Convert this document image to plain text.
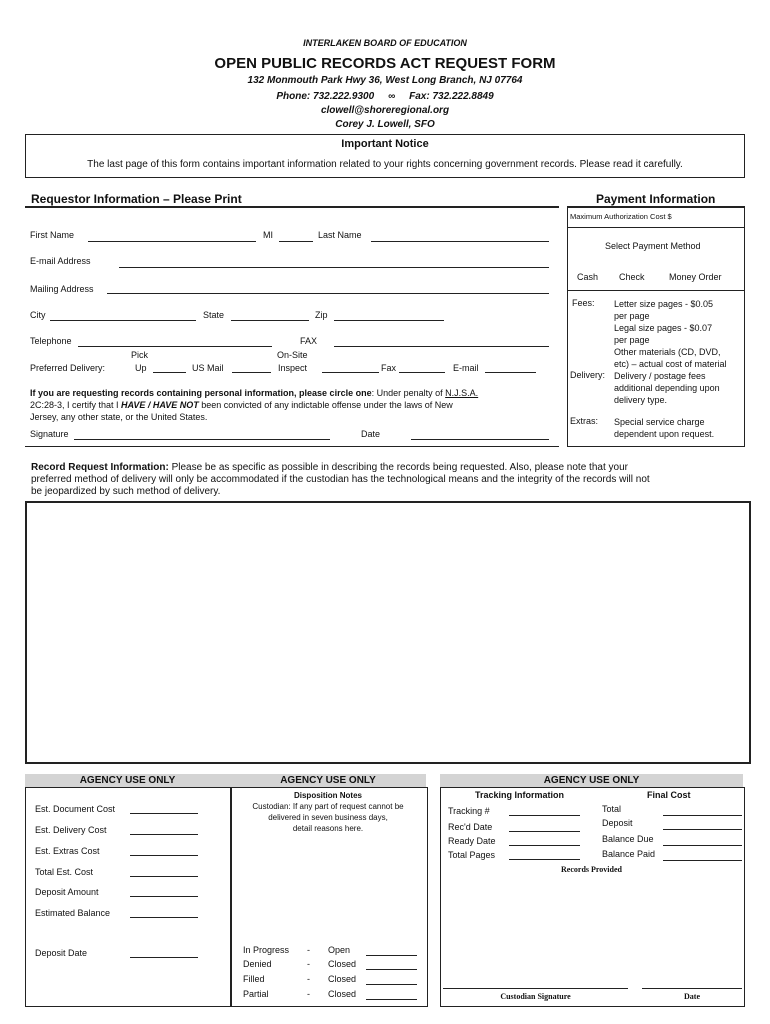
INTERLAKEN BOARD OF EDUCATION
OPEN PUBLIC RECORDS ACT REQUEST FORM
132 Monmouth Park Hwy 36, West Long Branch, NJ 07764
Phone: 732.222.9300 ∞ Fax: 732.222.8849
clowell@shoreregional.org
Corey J. Lowell, SFO
Important Notice
The last page of this form contains important information related to your rights concerning government records. Please read it carefully.
Requestor Information – Please Print
First Name	MI	Last Name
E-mail Address
Mailing Address
City	State	Zip
Telephone	FAX
Pick	On-Site
Preferred Delivery:	Up	US Mail	Inspect	Fax	E-mail
If you are requesting records containing personal information, please circle one: Under penalty of N.J.S.A.
2C:28-3, I certify that I HAVE / HAVE NOT been convicted of any indictable offense under the laws of New
Jersey, any other state, or the United States.
Signature	Date
Payment Information
Maximum Authorization Cost $
Select Payment Method
Cash Check	Money Order
Fees: Letter size pages - $0.05
per page
Legal size pages - $0.07
per page
Other materials (CD, DVD,
etc) – actual cost of material
Delivery: Delivery / postage fees
additional depending upon
delivery type.
Extras: Special service charge
dependent upon request.
Record Request Information: Please be as specific as possible in describing the records being requested. Also, please note that your
preferred method of delivery will only be accommodated if the custodian has the technological means and the integrity of the records will not
be jeopardized by such method of delivery.
AGENCY USE ONLY
Est. Document Cost
Est. Delivery Cost
Est. Extras Cost
Total Est. Cost
Deposit Amount
Estimated Balance
Deposit Date
AGENCY USE ONLY
Disposition Notes
Custodian: If any part of request cannot be
delivered in seven business days,
detail reasons here.
In Progress - Open
Denied	- Closed
Filled	- Closed
Partial	- Closed
AGENCY USE ONLY
Tracking Information	Final Cost
Tracking #
Rec'd Date
Ready Date
Total Pages
Total
Deposit
Balance Due
Balance Paid
Records Provided
Custodian Signature	Date
